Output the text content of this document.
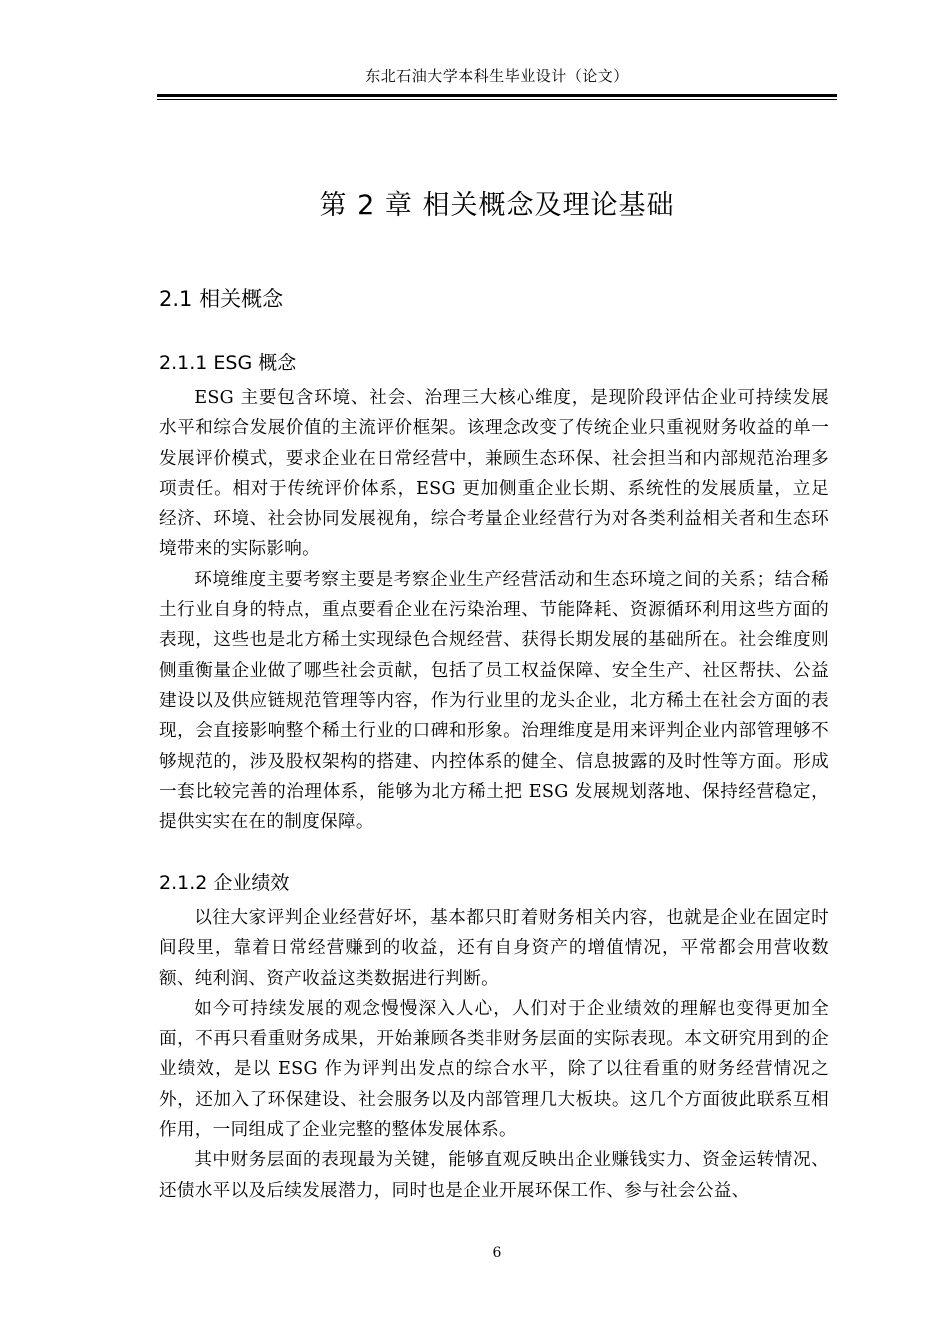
东北石油大学本科生毕业设计（论文）
第 2 章 相关概念及理论基础
2.1 相关概念
2.1.1 ESG 概念

ESG 主要包含环境、社会、治理三大核心维度，是现阶段评估企业可持续发展水平和综合发展价值的主流评价框架。该理念改变了传统企业只重视财务收益的单一发展评价模式，要求企业在日常经营中，兼顾生态环保、社会担当和内部规范治理多项责任。相对于传统评价体系，ESG 更加侧重企业长期、系统性的发展质量，立足经济、环境、社会协同发展视角，综合考量企业经营行为对各类利益相关者和生态环境带来的实际影响。

环境维度主要考察主要是考察企业生产经营活动和生态环境之间的关系；结合稀土行业自身的特点，重点要看企业在污染治理、节能降耗、资源循环利用这些方面的表现，这些也是北方稀土实现绿色合规经营、获得长期发展的基础所在。社会维度则侧重衡量企业做了哪些社会贡献，包括了员工权益保障、安全生产、社区帮扶、公益建设以及供应链规范管理等内容，作为行业里的龙头企业，北方稀土在社会方面的表现，会直接影响整个稀土行业的口碑和形象。治理维度是用来评判企业内部管理够不够规范的，涉及股权架构的搭建、内控体系的健全、信息披露的及时性等方面。形成一套比较完善的治理体系，能够为北方稀土把 ESG 发展规划落地、保持经营稳定，提供实实在在的制度保障。

2.1.2 企业绩效

以往大家评判企业经营好坏，基本都只盯着财务相关内容，也就是企业在固定时间段里，靠着日常经营赚到的收益，还有自身资产的增值情况，平常都会用营收数额、纯利润、资产收益这类数据进行判断。

如今可持续发展的观念慢慢深入人心，人们对于企业绩效的理解也变得更加全面，不再只看重财务成果，开始兼顾各类非财务层面的实际表现。本文研究用到的企业绩效，是以 ESG 作为评判出发点的综合水平，除了以往看重的财务经营情况之外，还加入了环保建设、社会服务以及内部管理几大板块。这几个方面彼此联系互相作用，一同组成了企业完整的整体发展体系。

其中财务层面的表现最为关键，能够直观反映出企业赚钱实力、资金运转情况、还债水平以及后续发展潜力，同时也是企业开展环保工作、参与社会公益、

6
